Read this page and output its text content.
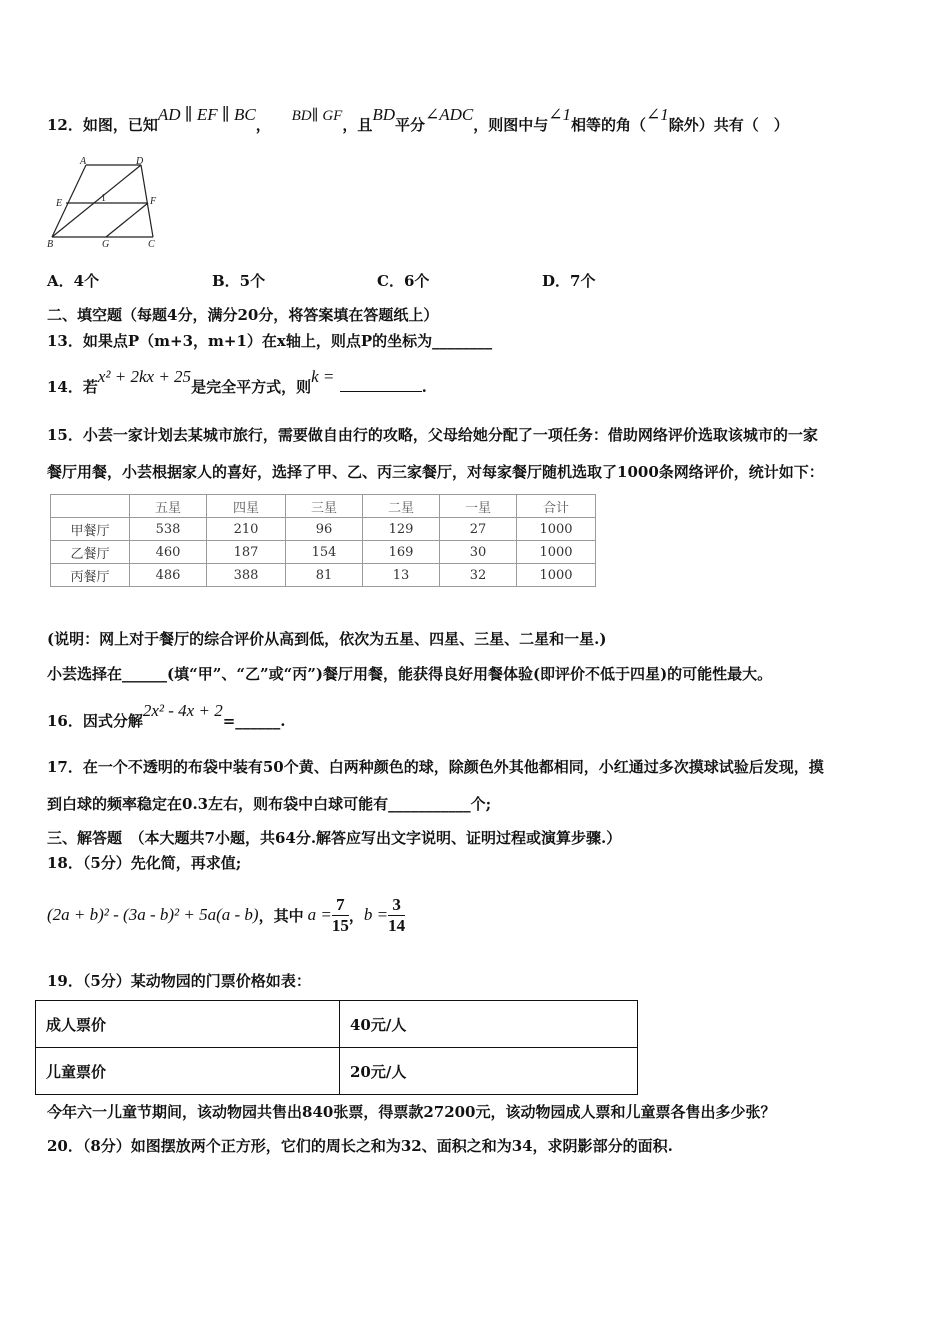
12．如图，已知AD ∥ EF ∥ BC， BD∥ GF，且BD平分∠ADC，则图中与∠1相等的角（∠1除外）共有（　）
A	D
E	1	F
B	G	C
A．4个	B．5个	C．6个	D．7个
二、填空题（每题4分，满分20分，将答案填在答题纸上）
13．如果点P（m+3，m+1）在x轴上，则点P的坐标为________
14．若x² + 2kx + 25是完全平方式，则k = .
15．小芸一家计划去某城市旅行，需要做自由行的攻略，父母给她分配了一项任务：借助网络评价选取该城市的一家
餐厅用餐，小芸根据家人的喜好，选择了甲、乙、丙三家餐厅，对每家餐厅随机选取了1000条网络评价，统计如下：
	五星	四星	三星	二星	一星	合计
甲餐厅	538	210	96	129	27	1000
乙餐厅	460	187	154	169	30	1000
丙餐厅	486	388	81	13	32	1000
(说明：网上对于餐厅的综合评价从高到低，依次为五星、四星、三星、二星和一星.)
小芸选择在______(填“甲”、“乙”或“丙”)餐厅用餐，能获得良好用餐体验(即评价不低于四星)的可能性最大。
16．因式分解2x² - 4x + 2=______.
17．在一个不透明的布袋中装有50个黄、白两种颜色的球，除颜色外其他都相同，小红通过多次摸球试验后发现，摸
到白球的频率稳定在0.3左右，则布袋中白球可能有___________个;
三、解答题　（本大题共7小题，共64分.解答应写出文字说明、证明过程或演算步骤.）
18．（5分）先化简，再求值;
(2a + b)² - (3a - b)² + 5a(a - b) ，其中 $a = \frac{7}{15}$ ， $b = \frac{3}{14}$
19．（5分）某动物园的门票价格如表：
成人票价	40元/人
儿童票价	20元/人
今年六一儿童节期间，该动物园共售出840张票，得票款27200元，该动物园成人票和儿童票各售出多少张？
20．（8分）如图摆放两个正方形，它们的周长之和为32、面积之和为34，求阴影部分的面积.
